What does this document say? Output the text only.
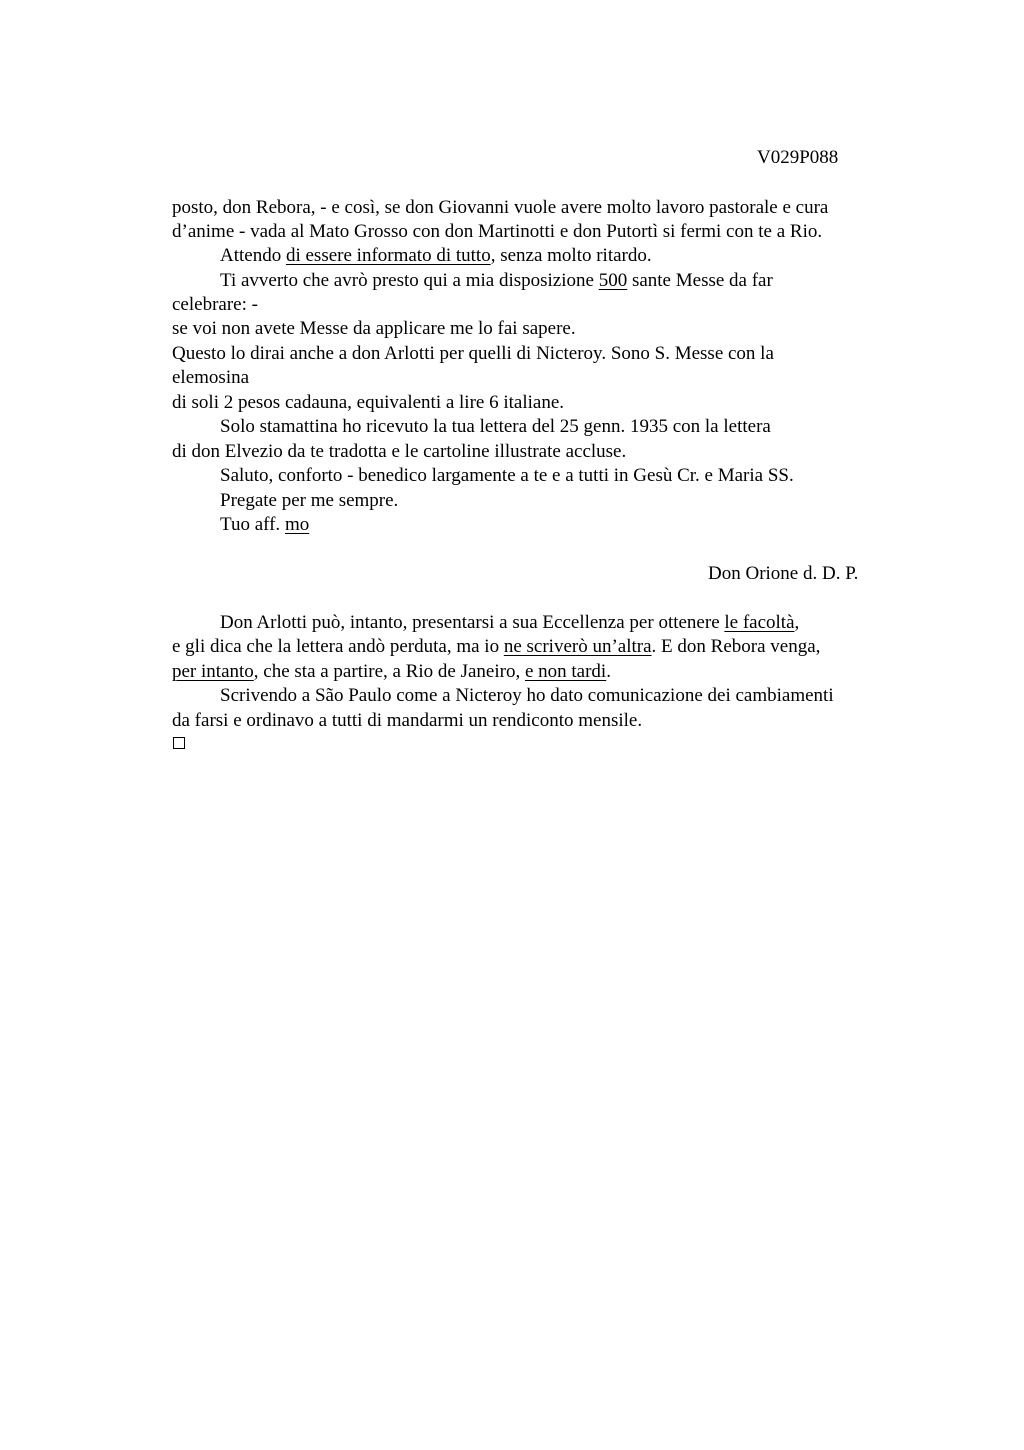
V029P088
posto, don Rebora, - e così, se don Giovanni vuole avere molto lavoro pastorale e cura
d’anime - vada al Mato Grosso con don Martinotti e don Putortì si fermi con te a Rio.
Attendo di essere informato di tutto, senza molto ritardo.
Ti avverto che avrò presto qui a mia disposizione 500 sante Messe da far
celebrare: -
se voi non avete Messe da applicare me lo fai sapere.
Questo lo dirai anche a don Arlotti per quelli di Nicteroy. Sono S. Messe con la
elemosina
di soli 2 pesos cadauna, equivalenti a lire 6 italiane.
Solo stamattina ho ricevuto la tua lettera del 25 genn. 1935 con la lettera
di don Elvezio da te tradotta e le cartoline illustrate accluse.
Saluto, conforto - benedico largamente a te e a tutti in Gesù Cr. e Maria SS.
Pregate per me sempre.
Tuo aff. mo
Don Orione d. D. P.
Don Arlotti può, intanto, presentarsi a sua Eccellenza per ottenere le facoltà,
e gli dica che la lettera andò perduta, ma io ne scriverò un’altra. E don Rebora venga,
per intanto, che sta a partire, a Rio de Janeiro, e non tardi.
Scrivendo a São Paulo come a Nicteroy ho dato comunicazione dei cambiamenti
da farsi e ordinavo a tutti di mandarmi un rendiconto mensile.
